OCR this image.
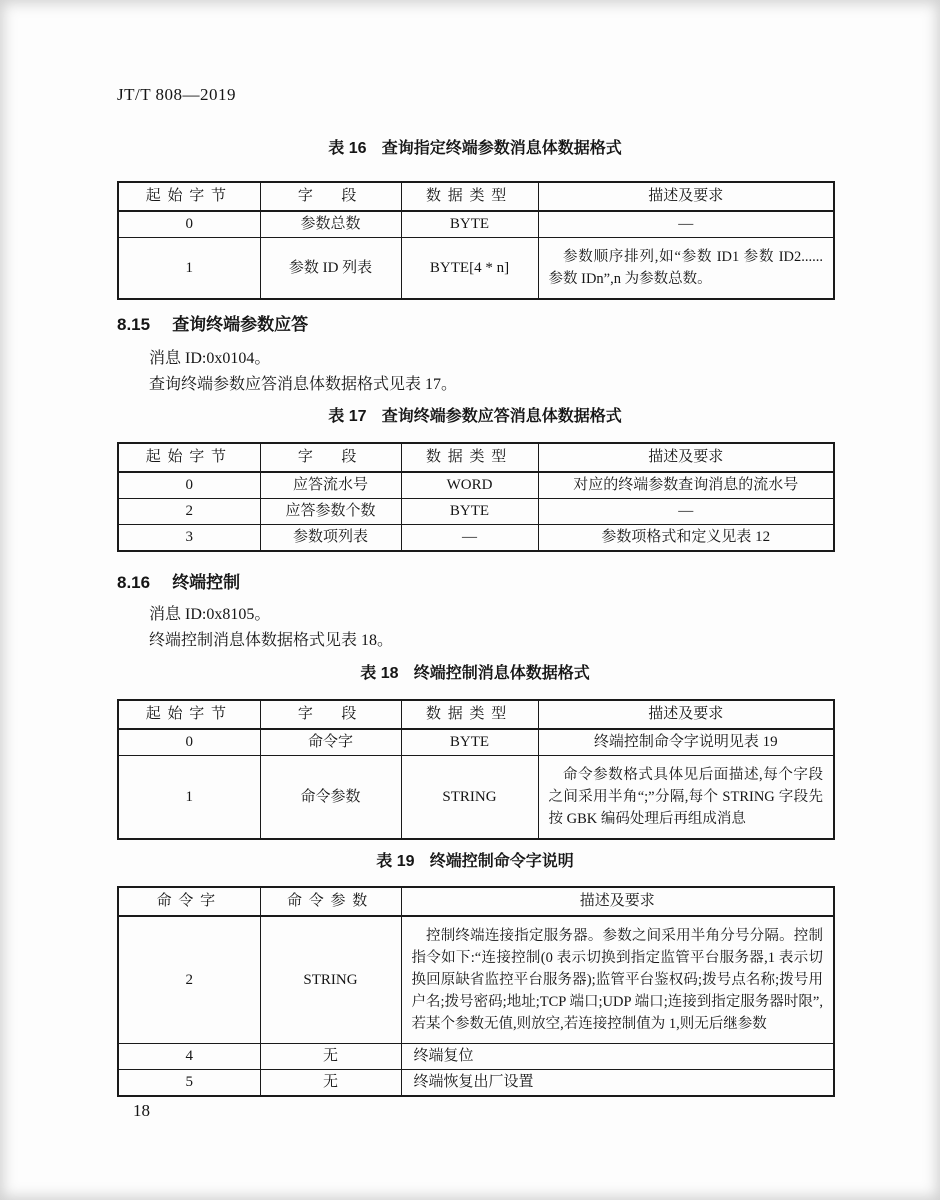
JT/T 808—2019
表 16 查询指定终端参数消息体数据格式
起始字节	字　段	数据类型	描述及要求
0	参数总数	BYTE	—
1	参数 ID 列表	BYTE[4 * n]	参数顺序排列,如“参数 ID1 参数 ID2......参数 IDn”,n 为参数总数。
8.15 查询终端参数应答

消息 ID:0x0104。

查询终端参数应答消息体数据格式见表 17。

表 17 查询终端参数应答消息体数据格式
起始字节	字　段	数据类型	描述及要求
0	应答流水号	WORD	对应的终端参数查询消息的流水号
2	应答参数个数	BYTE	—
3	参数项列表	—	参数项格式和定义见表 12
8.16 终端控制

消息 ID:0x8105。

终端控制消息体数据格式见表 18。

表 18 终端控制消息体数据格式
起始字节	字　段	数据类型	描述及要求
0	命令字	BYTE	终端控制命令字说明见表 19
1	命令参数	STRING	命令参数格式具体见后面描述,每个字段之间采用半角“;”分隔,每个 STRING 字段先按 GBK 编码处理后再组成消息
表 19 终端控制命令字说明
命令字	命令参数	描述及要求
2	STRING	控制终端连接指定服务器。参数之间采用半角分号分隔。控制指令如下:“连接控制(0 表示切换到指定监管平台服务器,1 表示切换回原缺省监控平台服务器);监管平台鉴权码;拨号点名称;拨号用户名;拨号密码;地址;TCP 端口;UDP 端口;连接到指定服务器时限”,若某个参数无值,则放空,若连接控制值为 1,则无后继参数
4	无	终端复位
5	无	终端恢复出厂设置
18
